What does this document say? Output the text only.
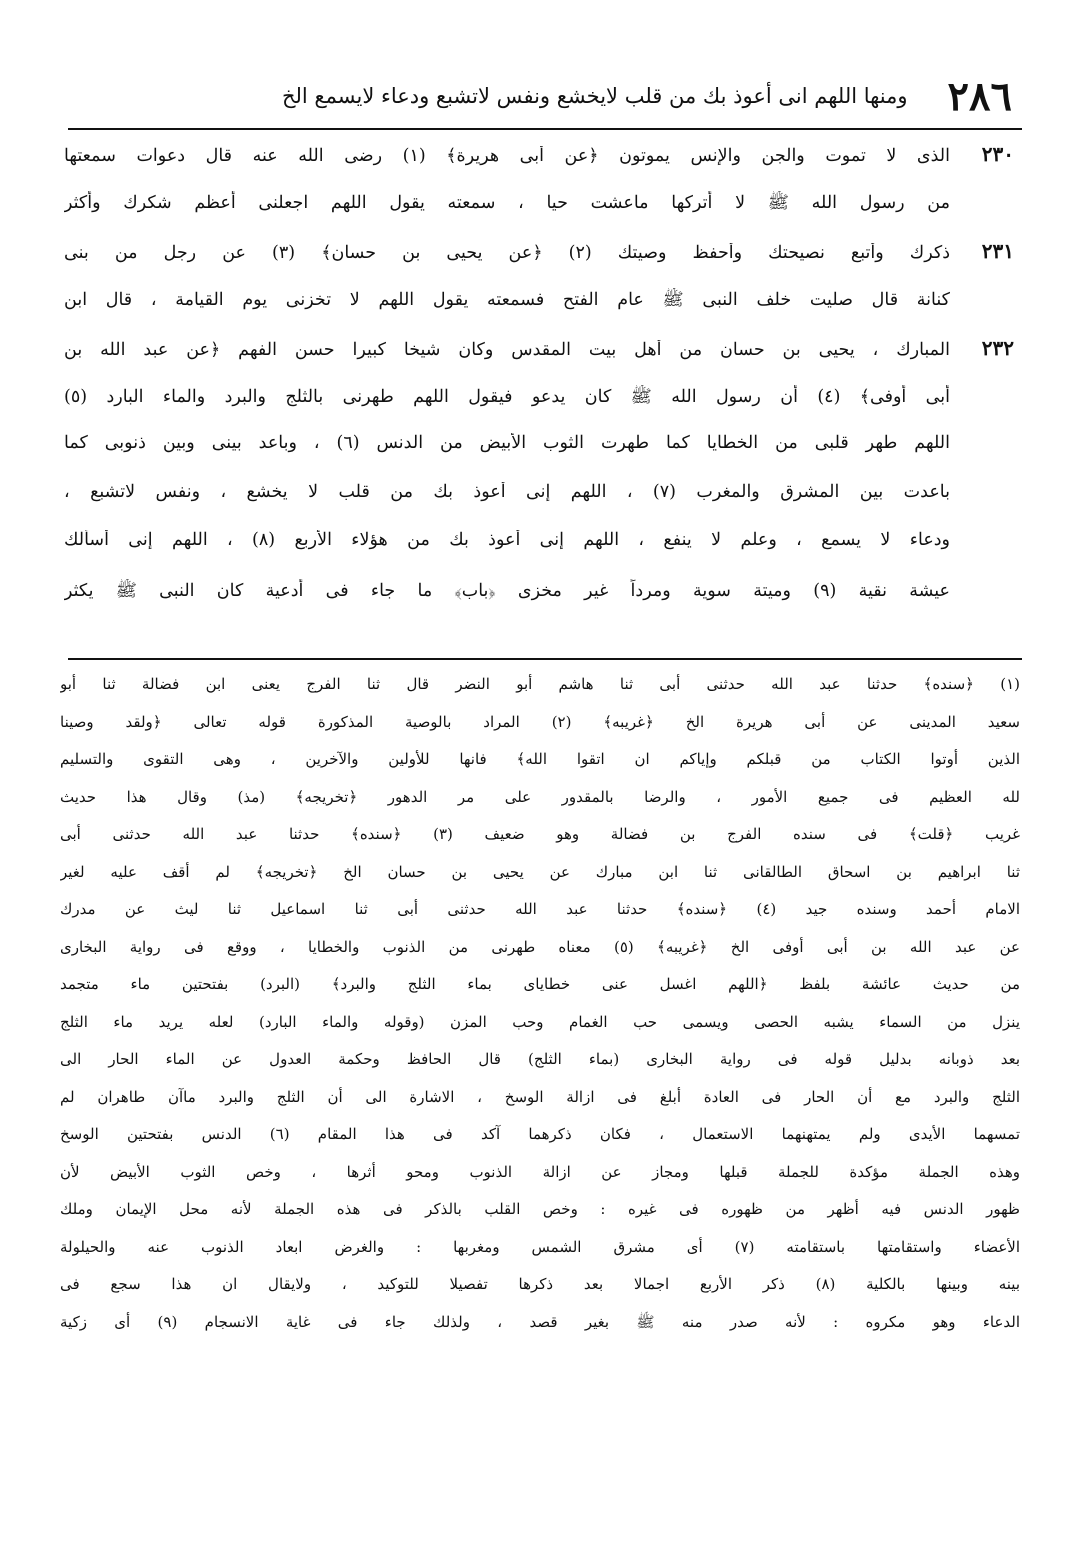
٢٨٦
ومنها اللهم انى أعوذ بك من قلب لايخشع ونفس لاتشبع ودعاء لايسمع الخ
٢٣٠
الذى لا تموت والجن والإنس يموتون ﴿عن أبى هريرة﴾ (١) رضى الله عنه قال دعوات سمعتها
من رسول الله ﷺ لا أتركها ماعشت حيا ، سمعته يقول اللهم اجعلنى أعظم شكرك وأكثر
٢٣١
ذكرك وأتبع نصيحتك وأحفظ وصيتك (٢) ﴿عن يحيى بن حسان﴾ (٣) عن رجل من بنى
كنانة قال صليت خلف النبى ﷺ عام الفتح فسمعته يقول اللهم لا تخزنى يوم القيامة ، قال ابن
٢٣٢
المبارك ، يحيى بن حسان من أهل بيت المقدس وكان شيخا كبيرا حسن الفهم ﴿عن عبد الله بن
أبى أوفى﴾ (٤) أن رسول الله ﷺ كان يدعو فيقول اللهم طهرنى بالثلج والبرد والماء البارد (٥)
اللهم طهر قلبى من الخطايا كما طهرت الثوب الأبيض من الدنس (٦) ، وباعد بينى وبين ذنوبى كما
باعدت بين المشرق والمغرب (٧) ، اللهم إنى أعوذ بك من قلب لا يخشع ، ونفس لاتشبع ،
ودعاء لا يسمع ، وعلم لا ينفع ، اللهم إنى أعوذ بك من هؤلاء الأربع (٨) ، اللهم إنى أسألك
عيشة نقية (٩) وميتة سوية ومرداً غير مخزى ﴿باب﴾ ما جاء فى أدعية كان النبى ﷺ يكثر
(١) ﴿سنده﴾ حدثنا عبد الله حدثنى أبى ثنا هاشم أبو النضر قال ثنا الفرج يعنى ابن فضالة ثنا أبو
سعيد المدينى عن أبى هريرة الخ ﴿غريبه﴾ (٢) المراد بالوصية المذكورة قوله تعالى ﴿ولقد وصينا
الذين أوتوا الكتاب من قبلكم وإياكم ان اتقوا الله﴾ فانها للأولين والآخرين ، وهى التقوى والتسليم
لله العظيم فى جميع الأمور ، والرضا بالمقدور على مر الدهور ﴿تخريجه﴾ (مذ) وقال هذا حديث
غريب ﴿قلت﴾ فى سنده الفرج بن فضالة وهو ضعيف (٣) ﴿سنده﴾ حدثنا عبد الله حدثنى أبى
ثنا ابراهيم بن اسحاق الطالقانى ثنا ابن مبارك عن يحيى بن حسان الخ ﴿تخريجه﴾ لم أقف عليه لغير
الامام أحمد وسنده جيد (٤) ﴿سنده﴾ حدثنا عبد الله حدثنى أبى ثنا اسماعيل ثنا ليث عن مدرك
عن عبد الله بن أبى أوفى الخ ﴿غريبه﴾ (٥) معناه طهرنى من الذنوب والخطايا ، ووقع فى رواية البخارى
من حديث عائشة بلفظ ﴿اللهم اغسل عنى خطاياى بماء الثلج والبرد﴾ (البرد) بفتحتين ماء متجمد
ينزل من السماء يشبه الحصى ويسمى حب الغمام وحب المزن (وقوله والماء البارد) لعله يريد ماء الثلج
بعد ذوبانه بدليل قوله فى رواية البخارى (بماء الثلج) قال الحافظ وحكمة العدول عن الماء الحار الى
الثلج والبرد مع أن الحار فى العادة أبلغ فى ازالة الوسخ ، الاشارة الى أن الثلج والبرد ماآن طاهران لم
تمسهما الأيدى ولم يمتهنهما الاستعمال ، فكان ذكرهما آكد فى هذا المقام (٦) الدنس بفتحتين الوسخ
وهذه الجملة مؤكدة للجملة قبلها ومجاز عن ازالة الذنوب ومحو أثرها ، وخص الثوب الأبيض لأن
ظهور الدنس فيه أظهر من ظهوره فى غيره : وخص القلب بالذكر فى هذه الجملة لأنه محل الإيمان وملك
الأعضاء واستقامتها باستقامته (٧) أى مشرق الشمس ومغربها : والغرض ابعاد الذنوب عنه والحيلولة
بينه وبينها بالكلية (٨) ذكر الأربع اجمالا بعد ذكرها تفصيلا للتوكيد ، ولايقال ان هذا سجع فى
الدعاء وهو مكروه : لأنه صدر منه ﷺ بغير قصد ، ولذلك جاء فى غاية الانسجام (٩) أى زكية
